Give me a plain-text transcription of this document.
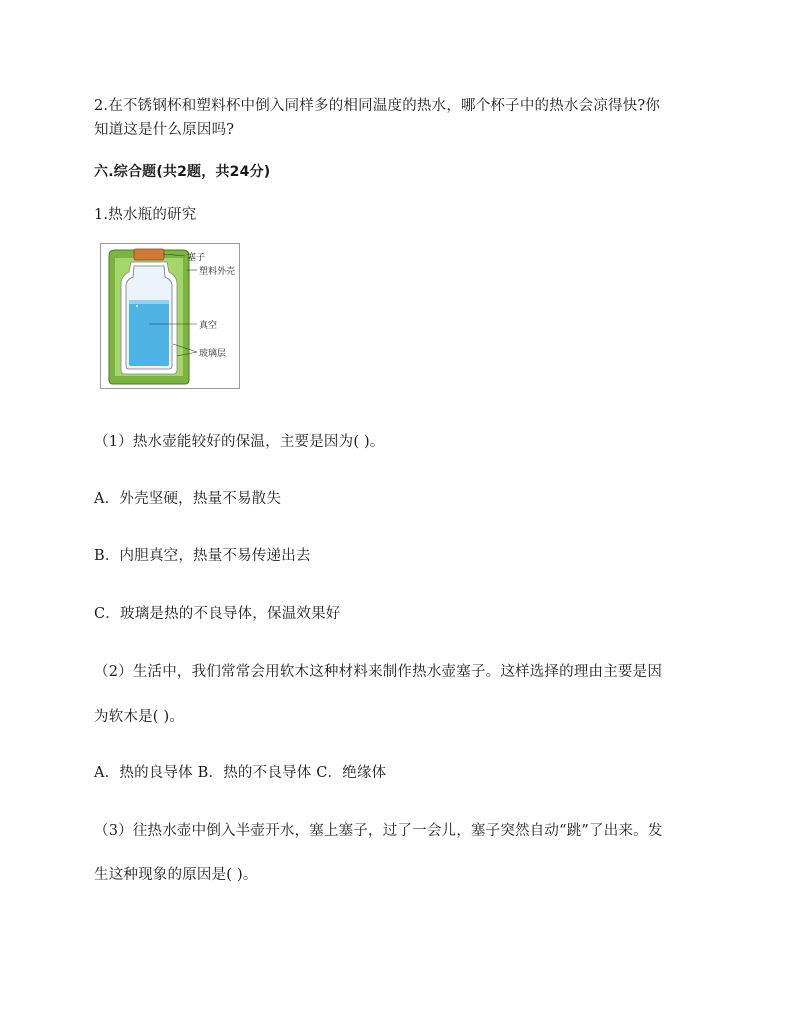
2.在不锈钢杯和塑料杯中倒入同样多的相同温度的热水，哪个杯子中的热水会凉得快?你
知道这是什么原因吗?
六.综合题(共2题，共24分)
1.热水瓶的研究
塞子
塑料外壳
真空
玻璃层
（1）热水壶能较好的保温，主要是因为( )。
A．外壳坚硬，热量不易散失
B．内胆真空，热量不易传递出去
C．玻璃是热的不良导体，保温效果好
（2）生活中，我们常常会用软木这种材料来制作热水壶塞子。这样选择的理由主要是因
为软木是( )。
A．热的良导体 B．热的不良导体 C．绝缘体
（3）往热水壶中倒入半壶开水，塞上塞子，过了一会儿，塞子突然自动“跳”了出来。发
生这种现象的原因是( )。
